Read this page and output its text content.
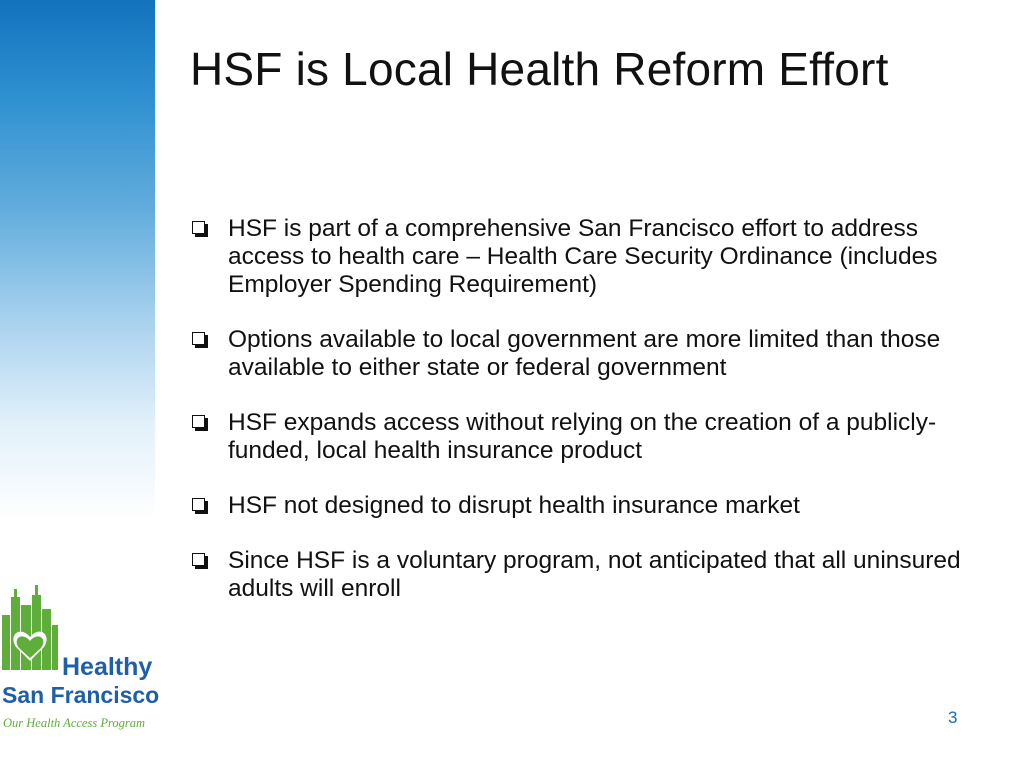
HSF is Local Health Reform Effort
HSF is part of a comprehensive San Francisco effort to address access to health care – Health Care Security Ordinance (includes Employer Spending Requirement)
Options available to local government are more limited than those available to either state or federal government
HSF expands access without relying on the creation of a publicly-funded, local health insurance product
HSF not designed to disrupt health insurance market
Since HSF is a voluntary program, not anticipated that all uninsured adults will enroll
Healthy
San Francisco
Our Health Access Program	3
